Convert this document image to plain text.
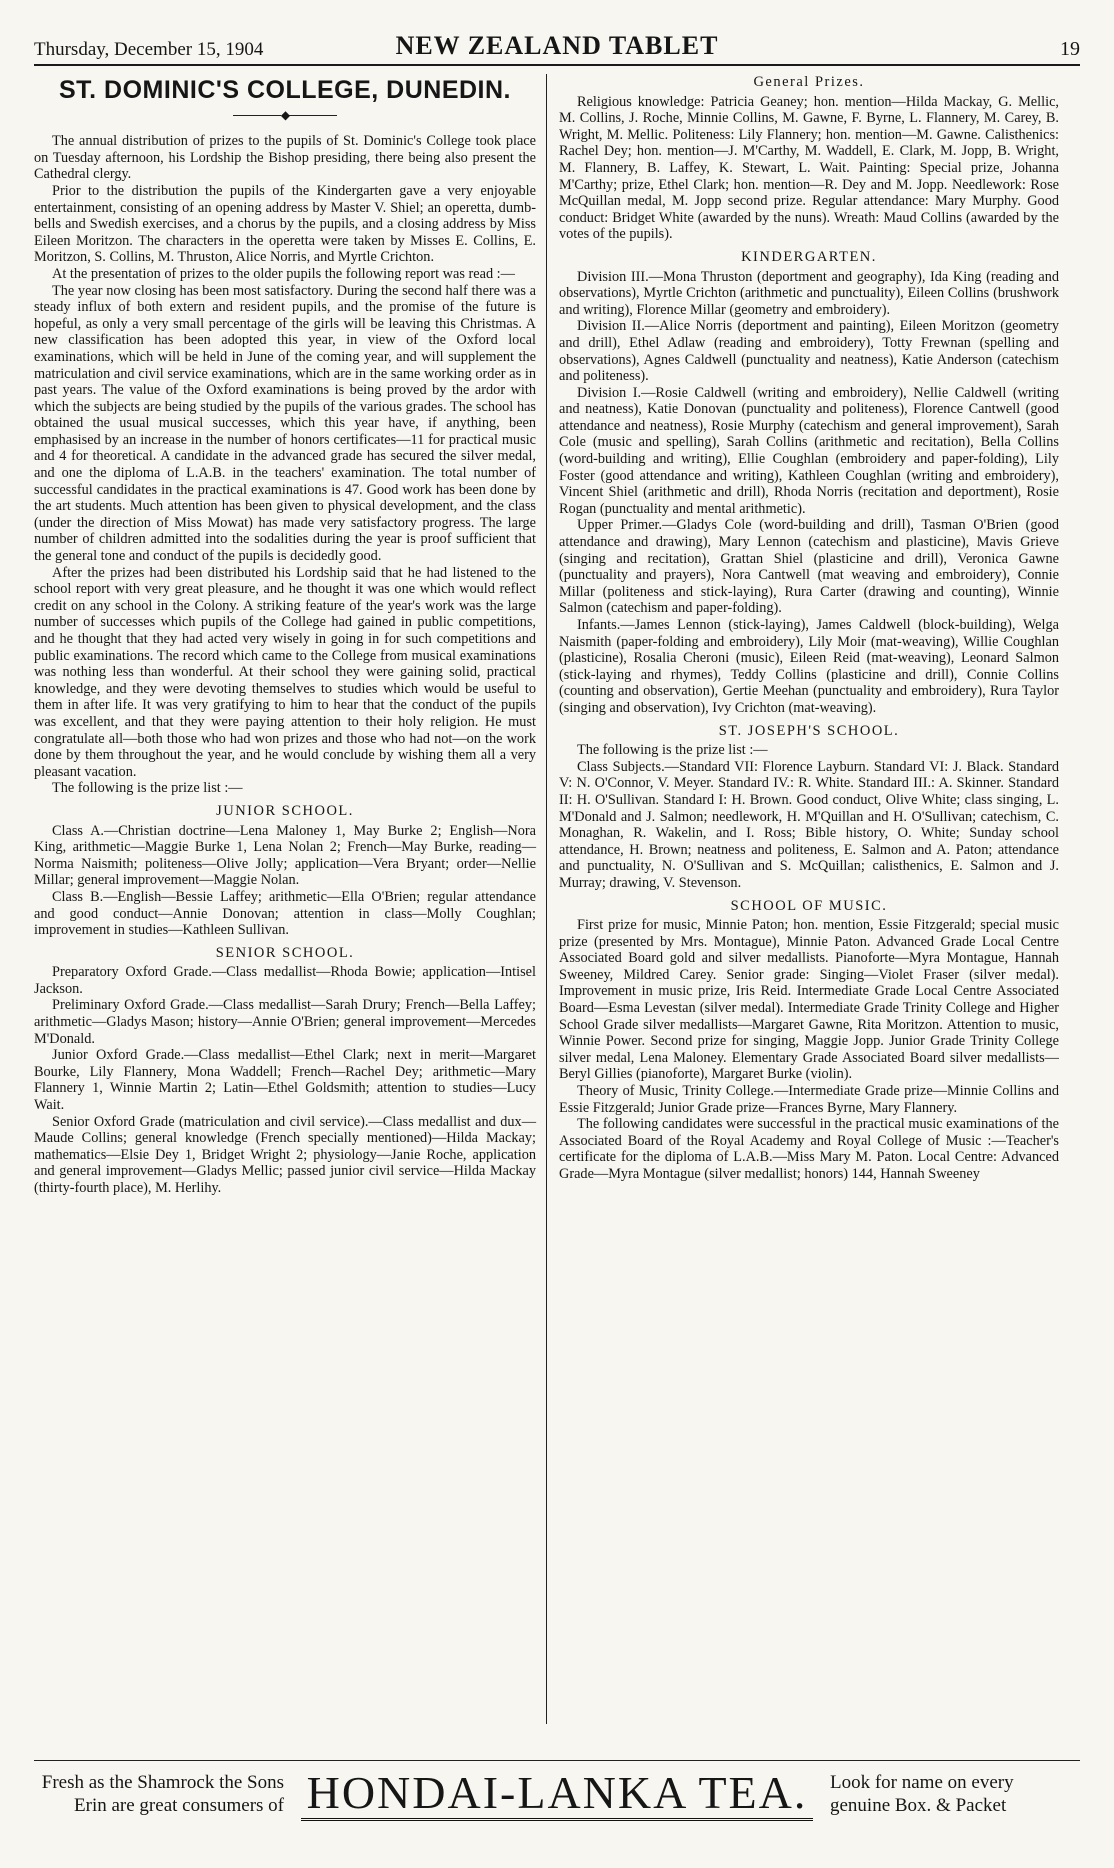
Thursday, December 15, 1904	NEW ZEALAND TABLET	19
ST. DOMINIC'S COLLEGE, DUNEDIN.
◆

The annual distribution of prizes to the pupils of St. Dominic's College took place on Tuesday afternoon, his Lordship the Bishop presiding, there being also present the Cathedral clergy.

Prior to the distribution the pupils of the Kindergarten gave a very enjoyable entertainment, consisting of an opening address by Master V. Shiel; an operetta, dumb-bells and Swedish exercises, and a chorus by the pupils, and a closing address by Miss Eileen Moritzon. The characters in the operetta were taken by Misses E. Collins, E. Moritzon, S. Collins, M. Thruston, Alice Norris, and Myrtle Crichton.

At the presentation of prizes to the older pupils the following report was read :—

The year now closing has been most satisfactory. During the second half there was a steady influx of both extern and resident pupils, and the promise of the future is hopeful, as only a very small percentage of the girls will be leaving this Christmas. A new classification has been adopted this year, in view of the Oxford local examinations, which will be held in June of the coming year, and will supplement the matriculation and civil service examinations, which are in the same working order as in past years. The value of the Oxford examinations is being proved by the ardor with which the subjects are being studied by the pupils of the various grades. The school has obtained the usual musical successes, which this year have, if anything, been emphasised by an increase in the number of honors certificates—11 for practical music and 4 for theoretical. A candidate in the advanced grade has secured the silver medal, and one the diploma of L.A.B. in the teachers' examination. The total number of successful candidates in the practical examinations is 47. Good work has been done by the art students. Much attention has been given to physical development, and the class (under the direction of Miss Mowat) has made very satisfactory progress. The large number of children admitted into the sodalities during the year is proof sufficient that the general tone and conduct of the pupils is decidedly good.

After the prizes had been distributed his Lordship said that he had listened to the school report with very great pleasure, and he thought it was one which would reflect credit on any school in the Colony. A striking feature of the year's work was the large number of successes which pupils of the College had gained in public competitions, and he thought that they had acted very wisely in going in for such competitions and public examinations. The record which came to the College from musical examinations was nothing less than wonderful. At their school they were gaining solid, practical knowledge, and they were devoting themselves to studies which would be useful to them in after life. It was very gratifying to him to hear that the conduct of the pupils was excellent, and that they were paying attention to their holy religion. He must congratulate all—both those who had won prizes and those who had not—on the work done by them throughout the year, and he would conclude by wishing them all a very pleasant vacation.

The following is the prize list :—

JUNIOR SCHOOL.

Class A.—Christian doctrine—Lena Maloney 1, May Burke 2; English—Nora King, arithmetic—Maggie Burke 1, Lena Nolan 2; French—May Burke, reading—Norma Naismith; politeness—Olive Jolly; application—Vera Bryant; order—Nellie Millar; general improvement—Maggie Nolan.

Class B.—English—Bessie Laffey; arithmetic—Ella O'Brien; regular attendance and good conduct—Annie Donovan; attention in class—Molly Coughlan; improvement in studies—Kathleen Sullivan.

SENIOR SCHOOL.

Preparatory Oxford Grade.—Class medallist—Rhoda Bowie; application—Intisel Jackson.

Preliminary Oxford Grade.—Class medallist—Sarah Drury; French—Bella Laffey; arithmetic—Gladys Mason; history—Annie O'Brien; general improvement—Mercedes M'Donald.

Junior Oxford Grade.—Class medallist—Ethel Clark; next in merit—Margaret Bourke, Lily Flannery, Mona Waddell; French—Rachel Dey; arithmetic—Mary Flannery 1, Winnie Martin 2; Latin—Ethel Goldsmith; attention to studies—Lucy Wait.

Senior Oxford Grade (matriculation and civil service).—Class medallist and dux—Maude Collins; general knowledge (French specially mentioned)—Hilda Mackay; mathematics—Elsie Dey 1, Bridget Wright 2; physiology—Janie Roche, application and general improvement—Gladys Mellic; passed junior civil service—Hilda Mackay (thirty-fourth place), M. Herlihy.

General Prizes.

Religious knowledge: Patricia Geaney; hon. mention—Hilda Mackay, G. Mellic, M. Collins, J. Roche, Minnie Collins, M. Gawne, F. Byrne, L. Flannery, M. Carey, B. Wright, M. Mellic. Politeness: Lily Flannery; hon. mention—M. Gawne. Calisthenics: Rachel Dey; hon. mention—J. M'Carthy, M. Waddell, E. Clark, M. Jopp, B. Wright, M. Flannery, B. Laffey, K. Stewart, L. Wait. Painting: Special prize, Johanna M'Carthy; prize, Ethel Clark; hon. mention—R. Dey and M. Jopp. Needlework: Rose McQuillan medal, M. Jopp second prize. Regular attendance: Mary Murphy. Good conduct: Bridget White (awarded by the nuns). Wreath: Maud Collins (awarded by the votes of the pupils).

KINDERGARTEN.

Division III.—Mona Thruston (deportment and geography), Ida King (reading and observations), Myrtle Crichton (arithmetic and punctuality), Eileen Collins (brushwork and writing), Florence Millar (geometry and embroidery).

Division II.—Alice Norris (deportment and painting), Eileen Moritzon (geometry and drill), Ethel Adlaw (reading and embroidery), Totty Frewnan (spelling and observations), Agnes Caldwell (punctuality and neatness), Katie Anderson (catechism and politeness).

Division I.—Rosie Caldwell (writing and embroidery), Nellie Caldwell (writing and neatness), Katie Donovan (punctuality and politeness), Florence Cantwell (good attendance and neatness), Rosie Murphy (catechism and general improvement), Sarah Cole (music and spelling), Sarah Collins (arithmetic and recitation), Bella Collins (word-building and writing), Ellie Coughlan (embroidery and paper-folding), Lily Foster (good attendance and writing), Kathleen Coughlan (writing and embroidery), Vincent Shiel (arithmetic and drill), Rhoda Norris (recitation and deportment), Rosie Rogan (punctuality and mental arithmetic).

Upper Primer.—Gladys Cole (word-building and drill), Tasman O'Brien (good attendance and drawing), Mary Lennon (catechism and plasticine), Mavis Grieve (singing and recitation), Grattan Shiel (plasticine and drill), Veronica Gawne (punctuality and prayers), Nora Cantwell (mat weaving and embroidery), Connie Millar (politeness and stick-laying), Rura Carter (drawing and counting), Winnie Salmon (catechism and paper-folding).

Infants.—James Lennon (stick-laying), James Caldwell (block-building), Welga Naismith (paper-folding and embroidery), Lily Moir (mat-weaving), Willie Coughlan (plasticine), Rosalia Cheroni (music), Eileen Reid (mat-weaving), Leonard Salmon (stick-laying and rhymes), Teddy Collins (plasticine and drill), Connie Collins (counting and observation), Gertie Meehan (punctuality and embroidery), Rura Taylor (singing and observation), Ivy Crichton (mat-weaving).

ST. JOSEPH'S SCHOOL.

The following is the prize list :—

Class Subjects.—Standard VII: Florence Layburn. Standard VI: J. Black. Standard V: N. O'Connor, V. Meyer. Standard IV.: R. White. Standard III.: A. Skinner. Standard II: H. O'Sullivan. Standard I: H. Brown. Good conduct, Olive White; class singing, L. M'Donald and J. Salmon; needlework, H. M'Quillan and H. O'Sullivan; catechism, C. Monaghan, R. Wakelin, and I. Ross; Bible history, O. White; Sunday school attendance, H. Brown; neatness and politeness, E. Salmon and A. Paton; attendance and punctuality, N. O'Sullivan and S. McQuillan; calisthenics, E. Salmon and J. Murray; drawing, V. Stevenson.

SCHOOL OF MUSIC.

First prize for music, Minnie Paton; hon. mention, Essie Fitzgerald; special music prize (presented by Mrs. Montague), Minnie Paton. Advanced Grade Local Centre Associated Board gold and silver medallists. Pianoforte—Myra Montague, Hannah Sweeney, Mildred Carey. Senior grade: Singing—Violet Fraser (silver medal). Improvement in music prize, Iris Reid. Intermediate Grade Local Centre Associated Board—Esma Levestan (silver medal). Intermediate Grade Trinity College and Higher School Grade silver medallists—Margaret Gawne, Rita Moritzon. Attention to music, Winnie Power. Second prize for singing, Maggie Jopp. Junior Grade Trinity College silver medal, Lena Maloney. Elementary Grade Associated Board silver medallists—Beryl Gillies (pianoforte), Margaret Burke (violin).

Theory of Music, Trinity College.—Intermediate Grade prize—Minnie Collins and Essie Fitzgerald; Junior Grade prize—Frances Byrne, Mary Flannery.

The following candidates were successful in the practical music examinations of the Associated Board of the Royal Academy and Royal College of Music :—Teacher's certificate for the diploma of L.A.B.—Miss Mary M. Paton. Local Centre: Advanced Grade—Myra Montague (silver medallist; honors) 144, Hannah Sweeney

Fresh as the Shamrock the Sons
Erin are great consumers of HONDAI-LANKA TEA.	Look for name on every
genuine Box. & Packet
